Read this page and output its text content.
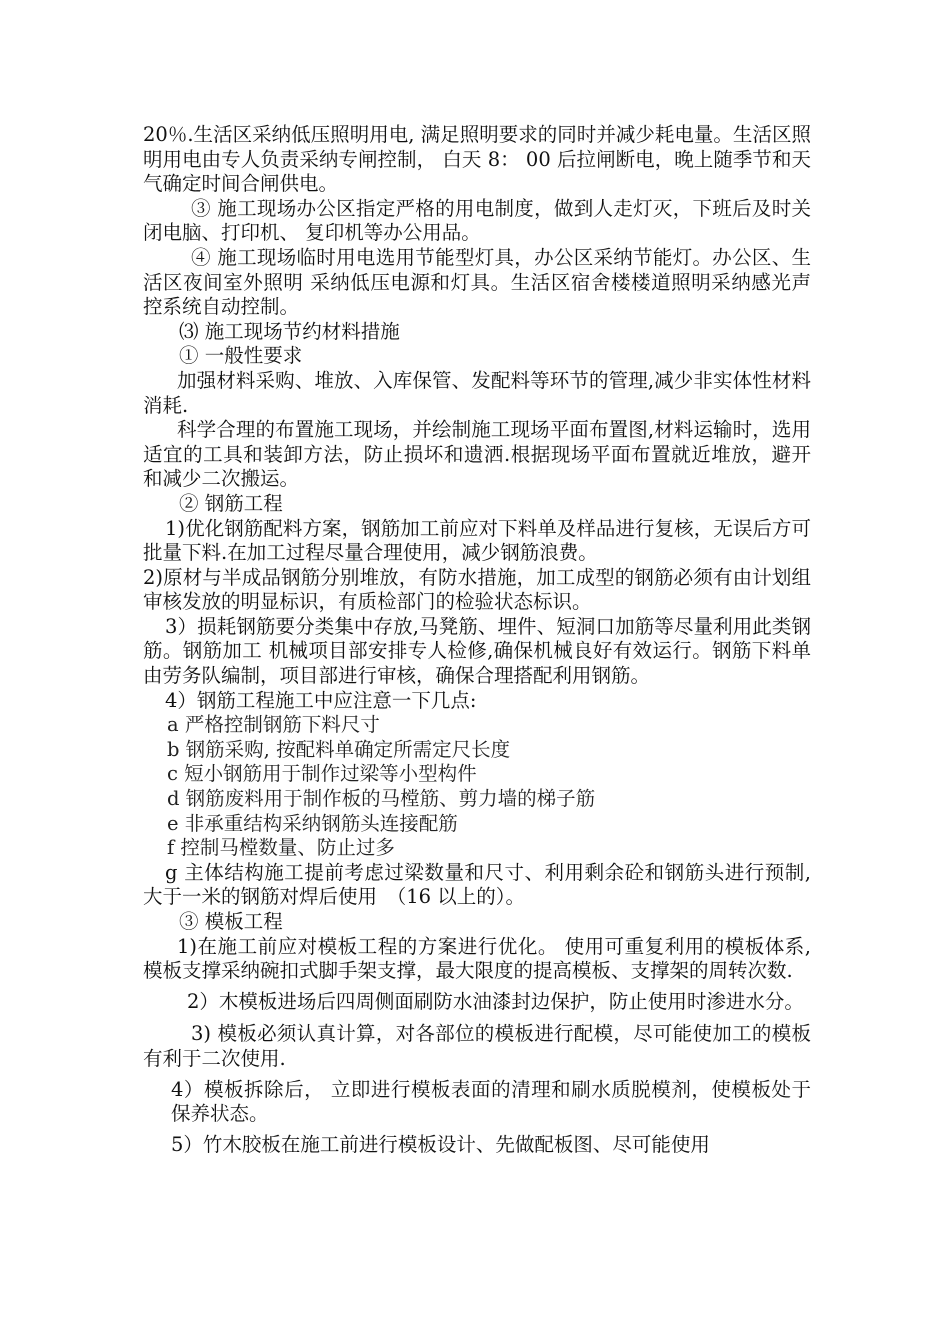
20％.生活区采纳低压照明用电, 满足照明要求的同时并减少耗电量。生活区照明用电由专人负责采纳专闸控制， 白天 8： 00 后拉闸断电，晚上随季节和天气确定时间合闸供电。

③ 施工现场办公区指定严格的用电制度，做到人走灯灭，下班后及时关闭电脑、打印机、 复印机等办公用品。

④ 施工现场临时用电选用节能型灯具，办公区采纳节能灯。办公区、生活区夜间室外照明 采纳低压电源和灯具。生活区宿舍楼楼道照明采纳感光声控系统自动控制。

⑶ 施工现场节约材料措施

① 一般性要求

加强材料采购、堆放、入库保管、发配料等环节的管理,减少非实体性材料消耗.

科学合理的布置施工现场，并绘制施工现场平面布置图,材料运输时，选用适宜的工具和装卸方法，防止损坏和遗洒.根据现场平面布置就近堆放，避开和减少二次搬运。

② 钢筋工程

1)优化钢筋配料方案，钢筋加工前应对下料单及样品进行复核，无误后方可批量下料.在加工过程尽量合理使用，减少钢筋浪费。

2)原材与半成品钢筋分别堆放，有防水措施，加工成型的钢筋必须有由计划组审核发放的明显标识，有质检部门的检验状态标识。

3）损耗钢筋要分类集中存放,马凳筋、埋件、短洞口加筋等尽量利用此类钢筋。钢筋加工 机械项目部安排专人检修,确保机械良好有效运行。钢筋下料单由劳务队编制，项目部进行审核，确保合理搭配利用钢筋。

4）钢筋工程施工中应注意一下几点:

a 严格控制钢筋下料尺寸

b 钢筋采购, 按配料单确定所需定尺长度

c 短小钢筋用于制作过梁等小型构件

d 钢筋废料用于制作板的马樘筋、剪力墙的梯子筋

e 非承重结构采纳钢筋头连接配筋

f 控制马樘数量、防止过多

g 主体结构施工提前考虑过梁数量和尺寸、利用剩余砼和钢筋头进行预制, 大于一米的钢筋对焊后使用　（16 以上的）。

③ 模板工程

1)在施工前应对模板工程的方案进行优化。 使用可重复利用的模板体系, 模板支撑采纳碗扣式脚手架支撑，最大限度的提高模板、支撑架的周转次数.

2）木模板进场后四周侧面刷防水油漆封边保护，防止使用时渗进水分。

3) 模板必须认真计算，对各部位的模板进行配模，尽可能使加工的模板有利于二次使用.

4）模板拆除后， 立即进行模板表面的清理和刷水质脱模剂，使模板处于保养状态。

5）竹木胶板在施工前进行模板设计、先做配板图、尽可能使用
